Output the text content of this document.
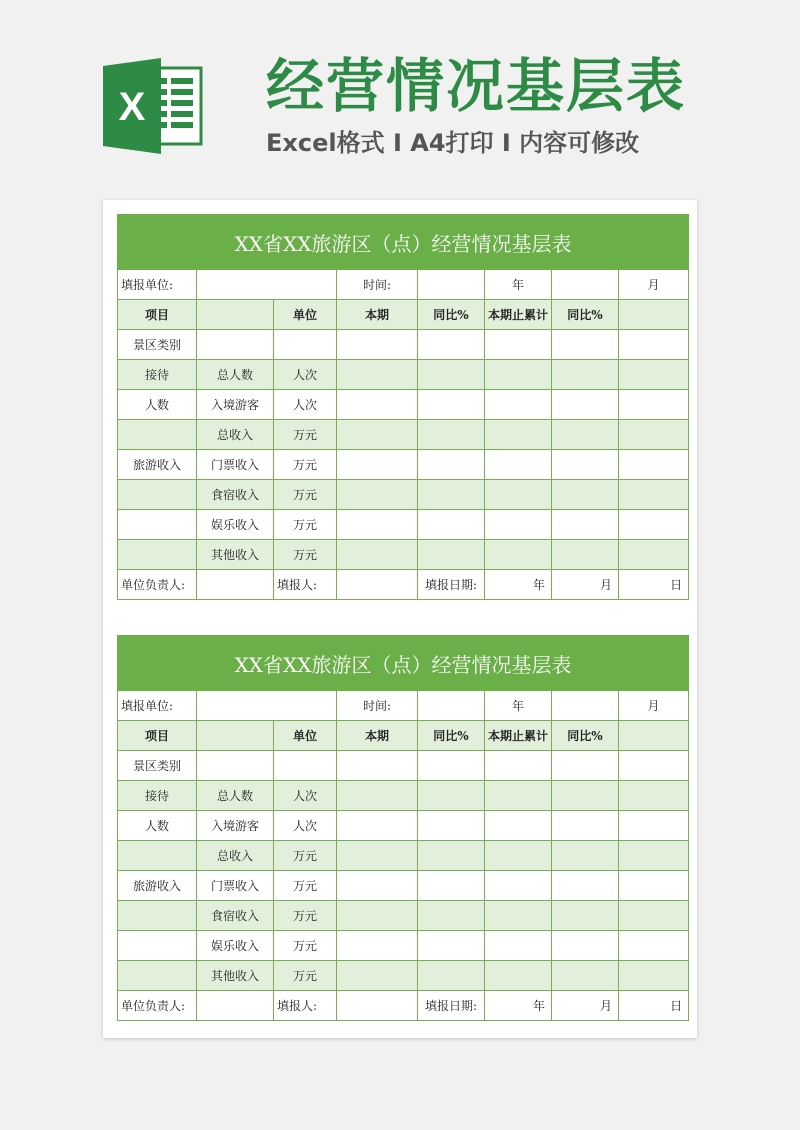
X 经营情况基层表
Excel格式 I A4打印 I 内容可修改
XX省XX旅游区（点）经营情况基层表							
填报单位:			时间:		年		月
项目		单位	本期	同比%	本期止累计	同比%	
景区类别							
接待	总人数	人次					
人数	入境游客	人次					
	总收入	万元					
旅游收入	门票收入	万元					
	食宿收入	万元					
	娱乐收入	万元					
	其他收入	万元					
单位负责人:		填报人:		填报日期:	年	月	日
XX省XX旅游区（点）经营情况基层表							
填报单位:			时间:		年		月
项目		单位	本期	同比%	本期止累计	同比%	
景区类别							
接待	总人数	人次					
人数	入境游客	人次					
	总收入	万元					
旅游收入	门票收入	万元					
	食宿收入	万元					
	娱乐收入	万元					
	其他收入	万元					
单位负责人:		填报人:		填报日期:	年	月	日
